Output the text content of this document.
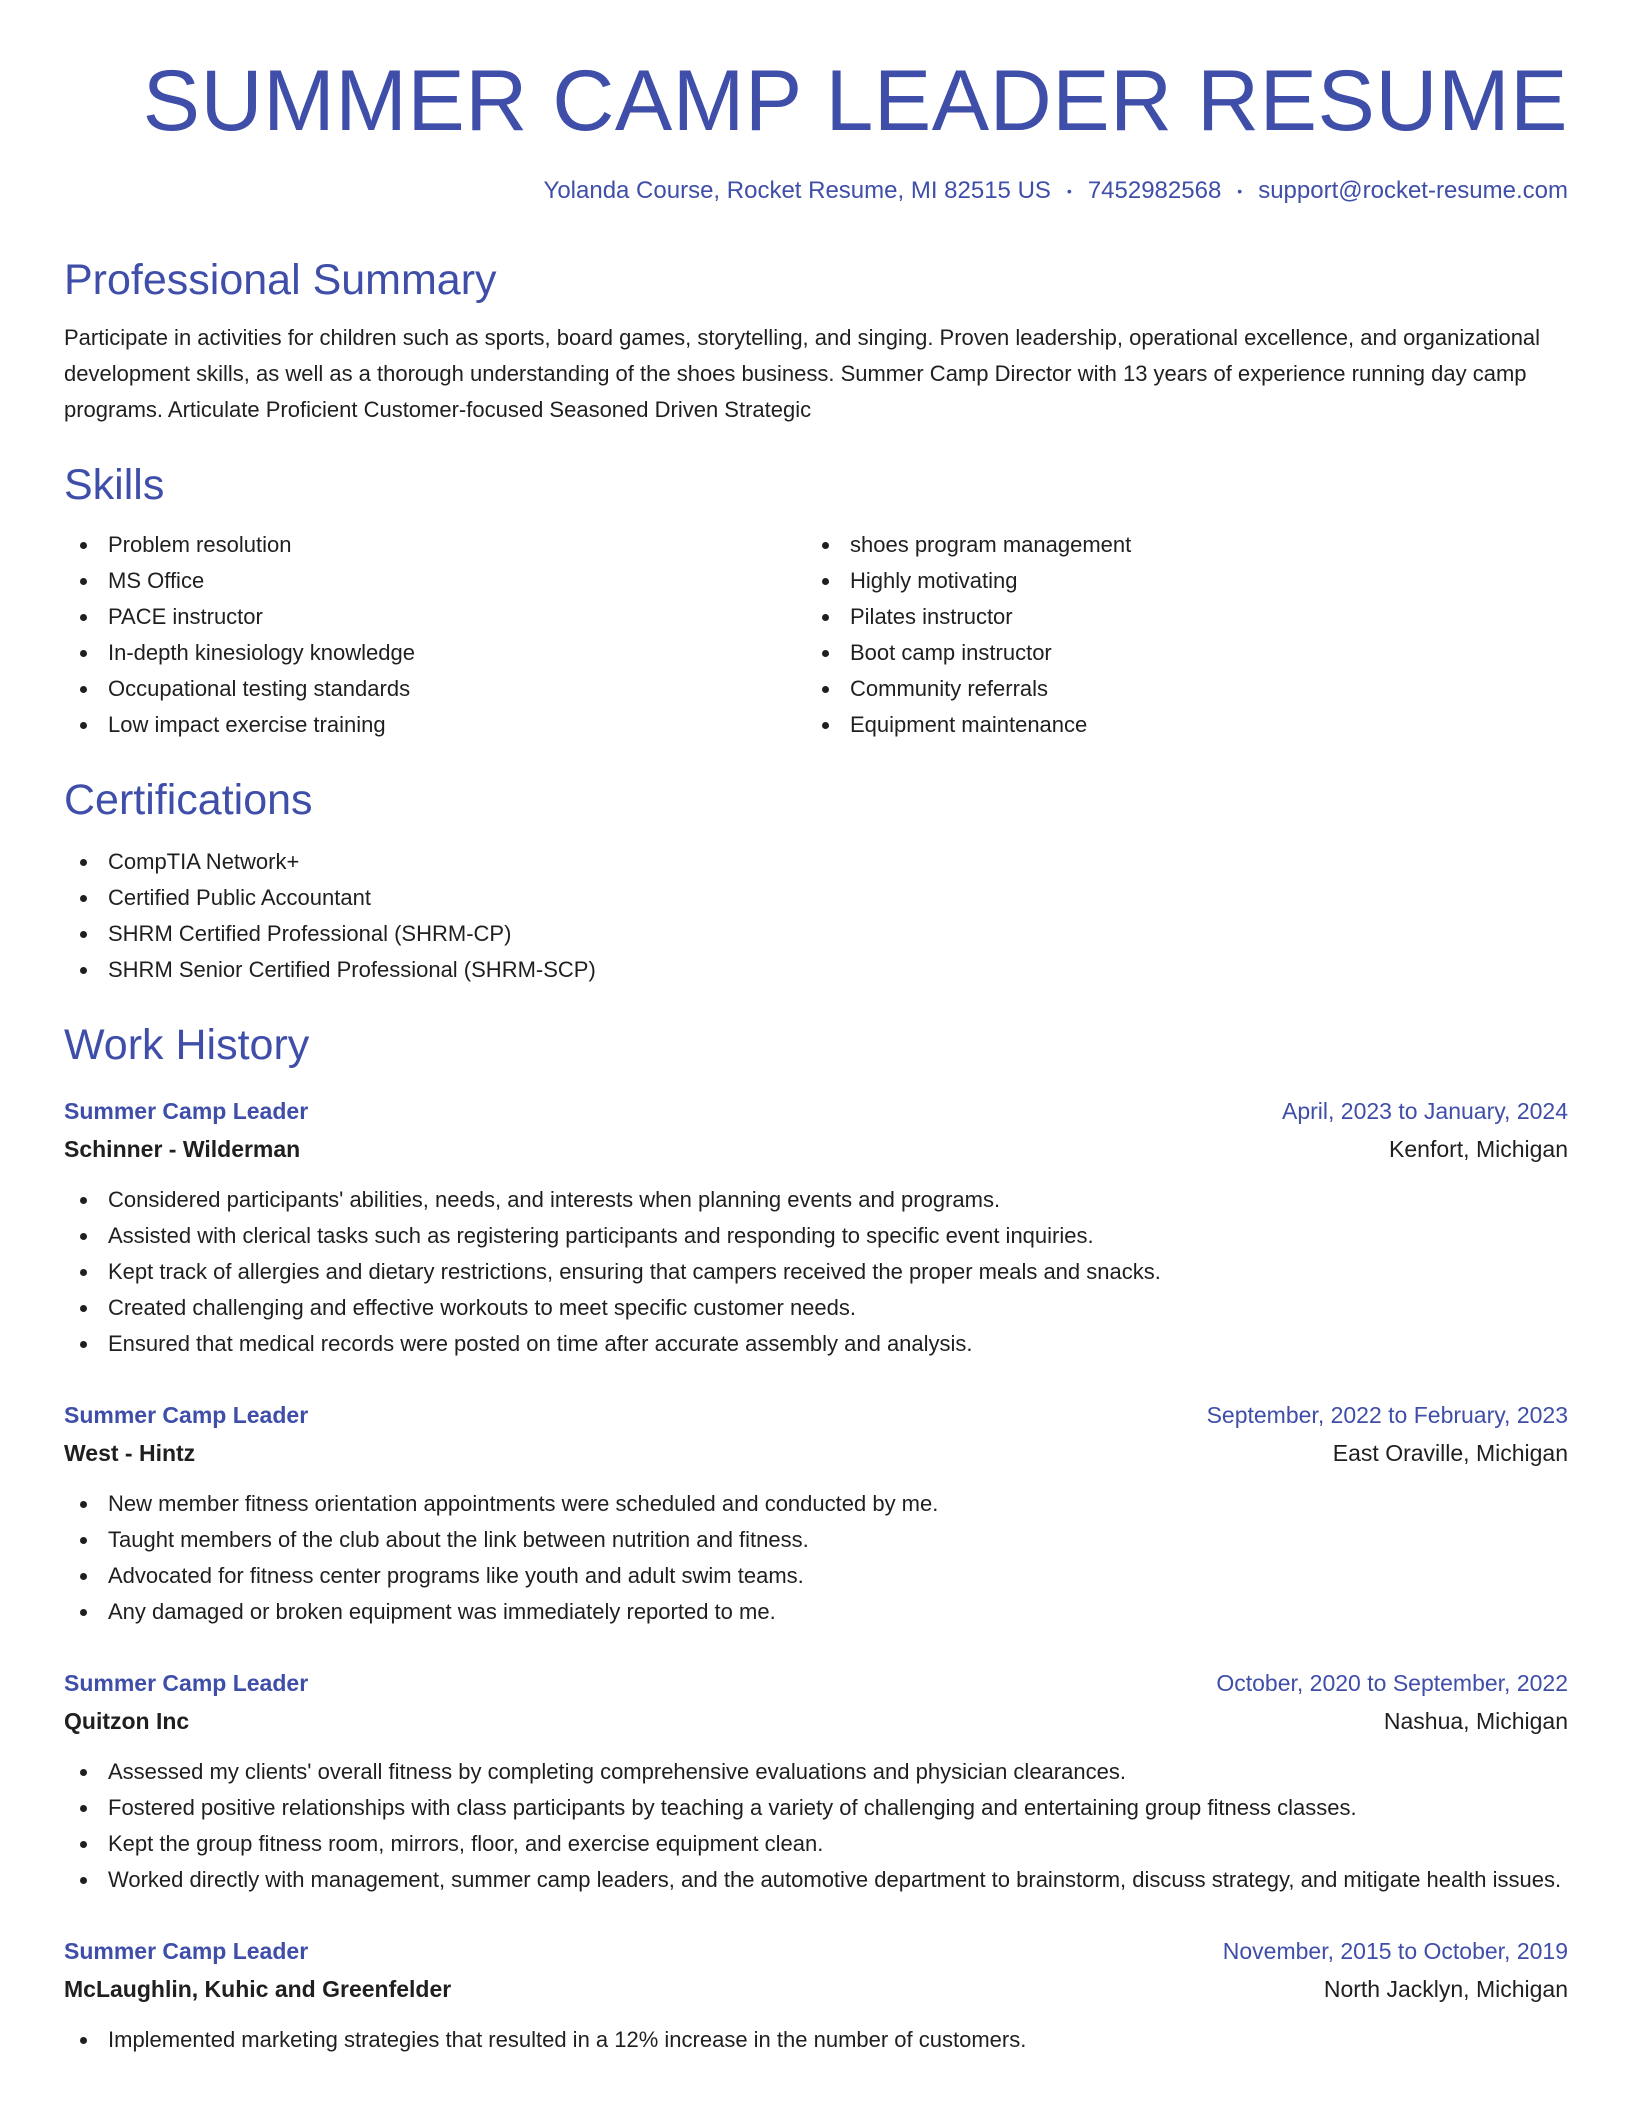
SUMMER CAMP LEADER RESUME
Yolanda Course, Rocket Resume, MI 82515 US • 7452982568 • support@rocket-resume.com
Professional Summary

Participate in activities for children such as sports, board games, storytelling, and singing. Proven leadership, operational excellence, and organizational development skills, as well as a thorough understanding of the shoes business. Summer Camp Director with 13 years of experience running day camp programs. Articulate Proficient Customer-focused Seasoned Driven Strategic

Skills
Problem resolution
MS Office
PACE instructor
In-depth kinesiology knowledge
Occupational testing standards
Low impact exercise training
shoes program management
Highly motivating
Pilates instructor
Boot camp instructor
Community referrals
Equipment maintenance
Certifications
CompTIA Network+
Certified Public Accountant
SHRM Certified Professional (SHRM-CP)
SHRM Senior Certified Professional (SHRM-SCP)
Work History
Summer Camp Leader	April, 2023 to January, 2024
Schinner - Wilderman	Kenfort, Michigan
Considered participants' abilities, needs, and interests when planning events and programs.
Assisted with clerical tasks such as registering participants and responding to specific event inquiries.
Kept track of allergies and dietary restrictions, ensuring that campers received the proper meals and snacks.
Created challenging and effective workouts to meet specific customer needs.
Ensured that medical records were posted on time after accurate assembly and analysis.
Summer Camp Leader	September, 2022 to February, 2023
West - Hintz	East Oraville, Michigan
New member fitness orientation appointments were scheduled and conducted by me.
Taught members of the club about the link between nutrition and fitness.
Advocated for fitness center programs like youth and adult swim teams.
Any damaged or broken equipment was immediately reported to me.
Summer Camp Leader	October, 2020 to September, 2022
Quitzon Inc	Nashua, Michigan
Assessed my clients' overall fitness by completing comprehensive evaluations and physician clearances.
Fostered positive relationships with class participants by teaching a variety of challenging and entertaining group fitness classes.
Kept the group fitness room, mirrors, floor, and exercise equipment clean.
Worked directly with management, summer camp leaders, and the automotive department to brainstorm, discuss strategy, and mitigate health issues.
Summer Camp Leader	November, 2015 to October, 2019
McLaughlin, Kuhic and Greenfelder	North Jacklyn, Michigan
Implemented marketing strategies that resulted in a 12% increase in the number of customers.
